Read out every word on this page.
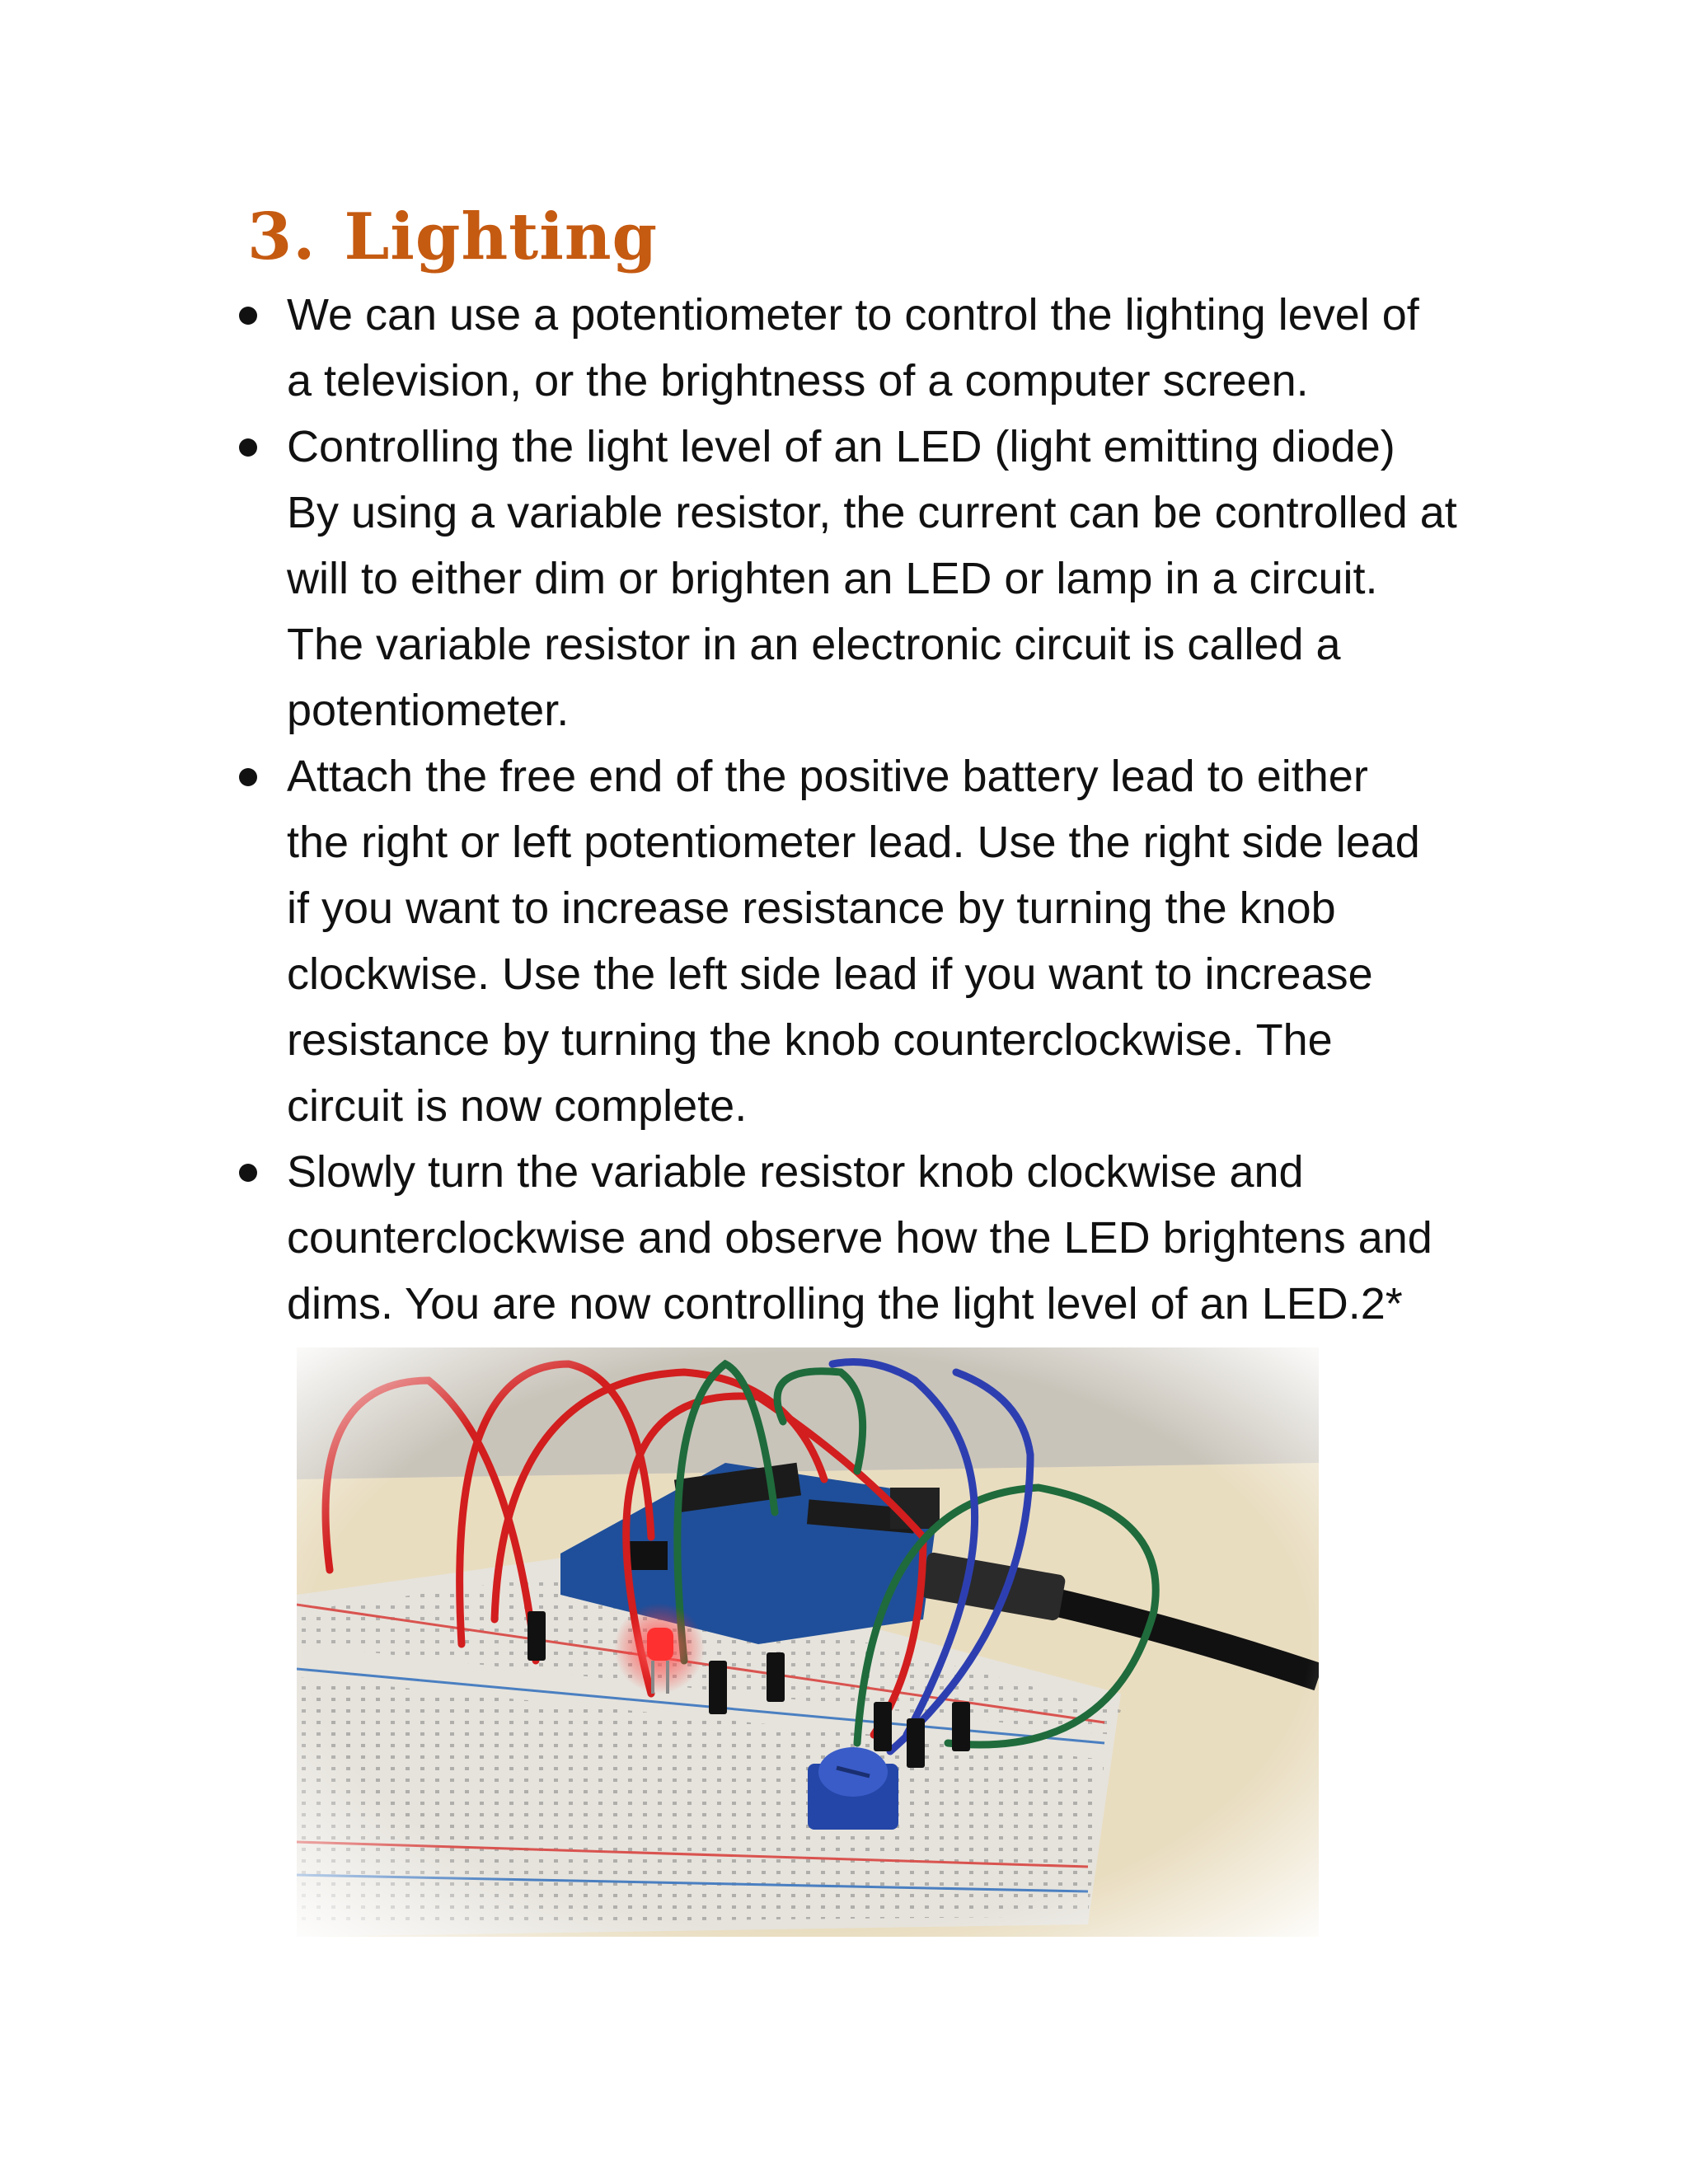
3. Lighting
We can use a potentiometer to control the lighting level of
a television, or the brightness of a computer screen.
Controlling the light level of an LED (light emitting diode)
By using a variable resistor, the current can be controlled at
will to either dim or brighten an LED or lamp in a circuit.
The variable resistor in an electronic circuit is called a
potentiometer.
Attach the free end of the positive battery lead to either
the right or left potentiometer lead. Use the right side lead
if you want to increase resistance by turning the knob
clockwise. Use the left side lead if you want to increase
resistance by turning the knob counterclockwise. The
circuit is now complete.
Slowly turn the variable resistor knob clockwise and
counterclockwise and observe how the LED brightens and
dims. You are now controlling the light level of an LED.2*
